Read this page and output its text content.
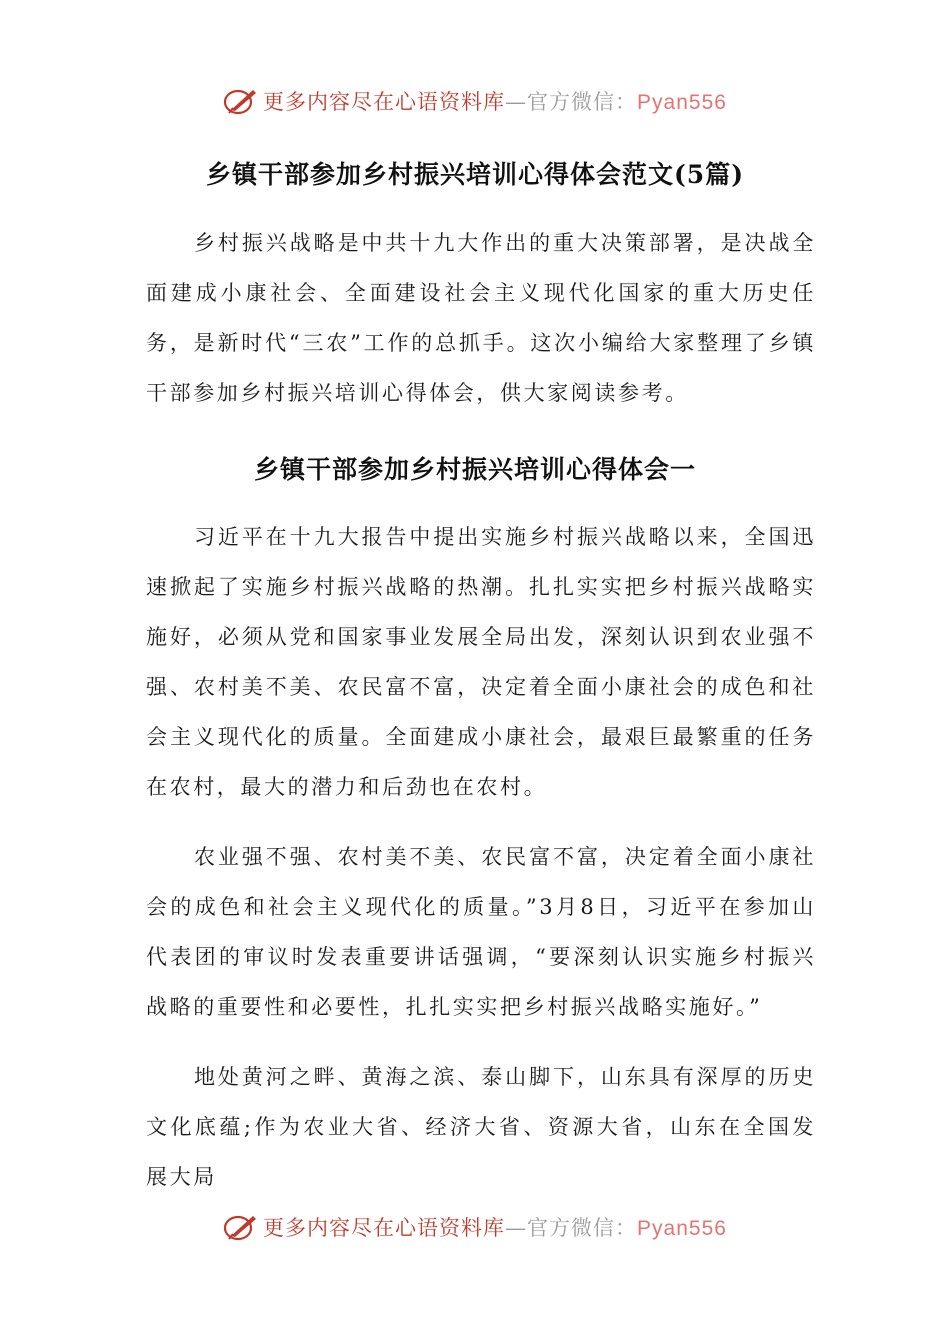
更多内容尽在心语资料库—官方微信：Pyan556
乡镇干部参加乡村振兴培训心得体会范文(5篇)

乡村振兴战略是中共十九大作出的重大决策部署，是决战全面建成小康社会、全面建设社会主义现代化国家的重大历史任务，是新时代“三农”工作的总抓手。这次小编给大家整理了乡镇干部参加乡村振兴培训心得体会，供大家阅读参考。

乡镇干部参加乡村振兴培训心得体会一

习近平在十九大报告中提出实施乡村振兴战略以来，全国迅速掀起了实施乡村振兴战略的热潮。扎扎实实把乡村振兴战略实施好，必须从党和国家事业发展全局出发，深刻认识到农业强不强、农村美不美、农民富不富，决定着全面小康社会的成色和社会主义现代化的质量。全面建成小康社会，最艰巨最繁重的任务在农村，最大的潜力和后劲也在农村。

农业强不强、农村美不美、农民富不富，决定着全面小康社会的成色和社会主义现代化的质量。”3月8日，习近平在参加山代表团的审议时发表重要讲话强调，“要深刻认识实施乡村振兴战略的重要性和必要性，扎扎实实把乡村振兴战略实施好。”

地处黄河之畔、黄海之滨、泰山脚下，山东具有深厚的历史文化底蕴;作为农业大省、经济大省、资源大省，山东在全国发展大局

更多内容尽在心语资料库—官方微信：Pyan556
